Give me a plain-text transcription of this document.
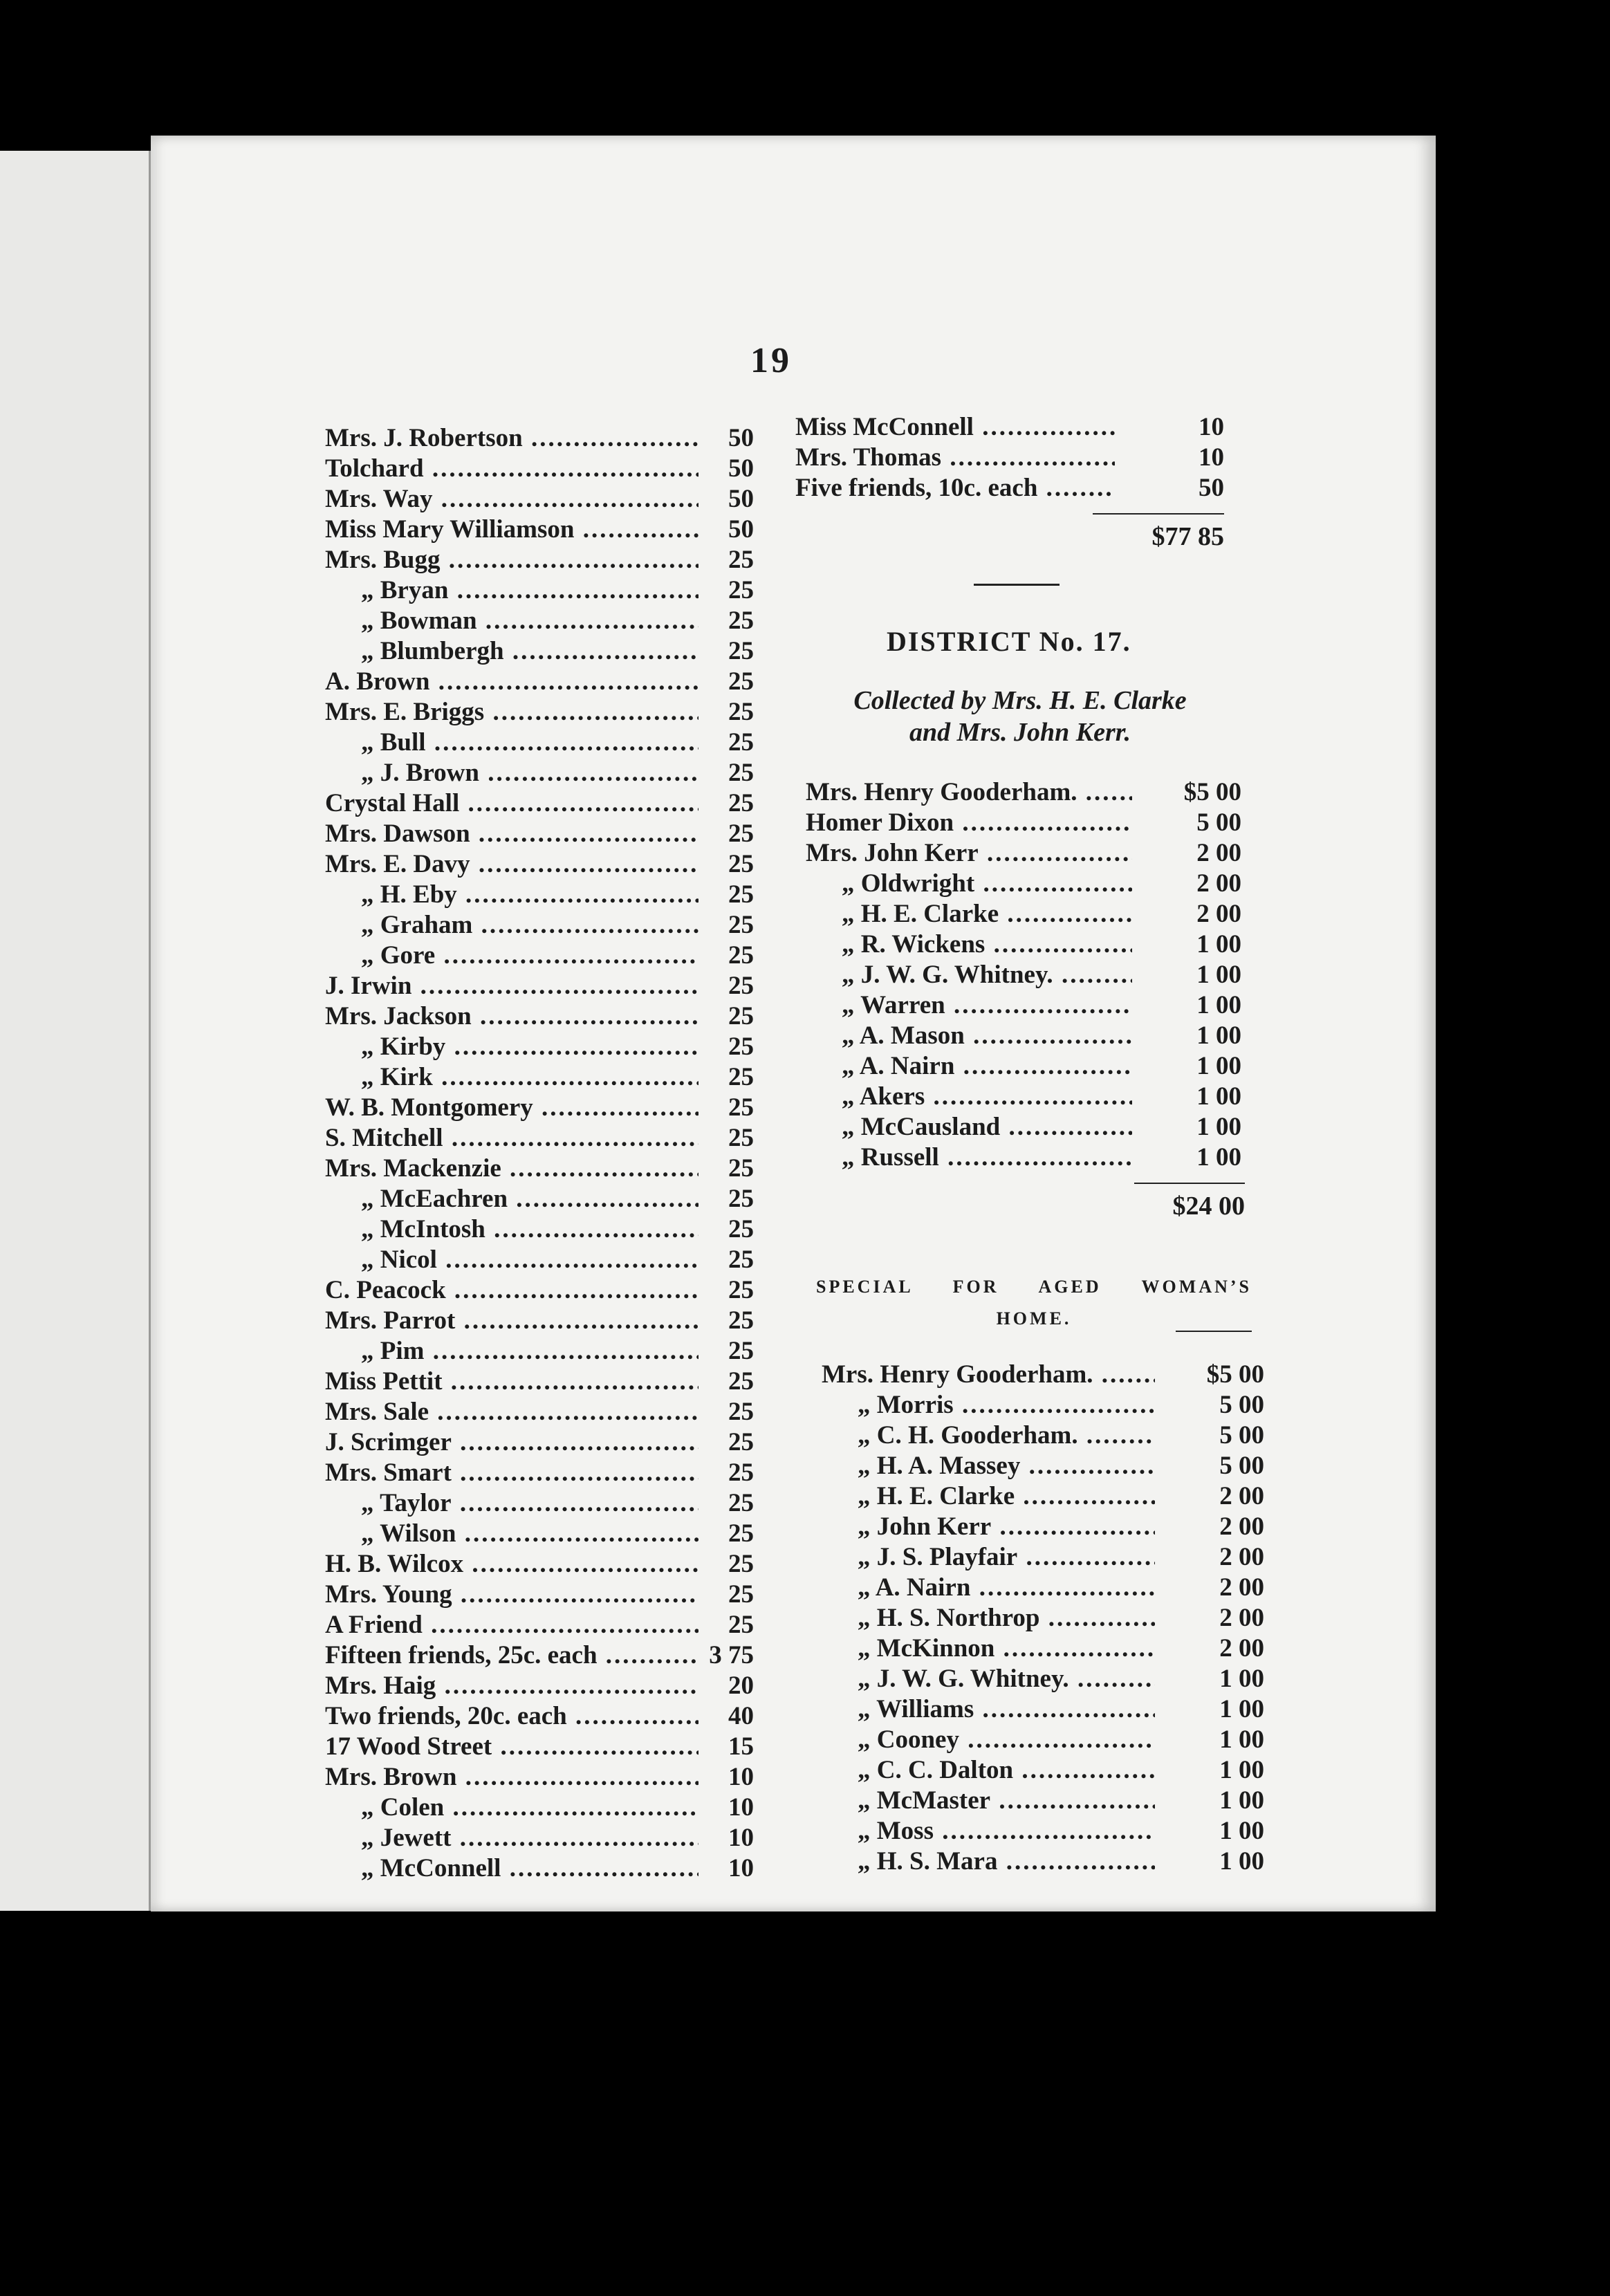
19
Mrs. J. Robertson .....	50
Tolchard .....	50
Mrs. Way .....	50
Miss Mary Williamson .....	50
Mrs. Bugg .....	25
„ Bryan .....	25
„ Bowman .....	25
„ Blumbergh .....	25
A. Brown .....	25
Mrs. E. Briggs .....	25
„ Bull .....	25
„ J. Brown .....	25
Crystal Hall .....	25
Mrs. Dawson .....	25
Mrs. E. Davy .....	25
„ H. Eby .....	25
„ Graham .....	25
„ Gore .....	25
J. Irwin .....	25
Mrs. Jackson .....	25
„ Kirby .....	25
„ Kirk .....	25
W. B. Montgomery .....	25
S. Mitchell .....	25
Mrs. Mackenzie .....	25
„ McEachren .....	25
„ McIntosh .....	25
„ Nicol .....	25
C. Peacock .....	25
Mrs. Parrot .....	25
„ Pim .....	25
Miss Pettit .....	25
Mrs. Sale .....	25
J. Scrimger .....	25
Mrs. Smart .....	25
„ Taylor .....	25
„ Wilson .....	25
H. B. Wilcox .....	25
Mrs. Young .....	25
A Friend .....	25
Fifteen friends, 25c. each .....	3 75
Mrs. Haig .....	20
Two friends, 20c. each .....	40
17 Wood Street .....	15
Mrs. Brown .....	10
„ Colen .....	10
„ Jewett .....	10
„ McConnell .....	10
Miss McConnell .....	10
Mrs. Thomas .....	10
Five friends, 10c. each .....	50
$77 85
DISTRICT No. 17.
Collected by Mrs. H. E. Clarke
and Mrs. John Kerr.
Mrs. Henry Gooderham. .....	$5 00
Homer Dixon .....	5 00
Mrs. John Kerr .....	2 00
„ Oldwright .....	2 00
„ H. E. Clarke .....	2 00
„ R. Wickens .....	1 00
„ J. W. G. Whitney. .....	1 00
„ Warren .....	1 00
„ A. Mason .....	1 00
„ A. Nairn .....	1 00
„ Akers .....	1 00
„ McCausland .....	1 00
„ Russell .....	1 00
$24 00
SPECIAL FOR AGED WOMAN’S
HOME.
Mrs. Henry Gooderham. .....	$5 00
„ Morris .....	5 00
„ C. H. Gooderham. .....	5 00
„ H. A. Massey .....	5 00
„ H. E. Clarke .....	2 00
„ John Kerr .....	2 00
„ J. S. Playfair .....	2 00
„ A. Nairn .....	2 00
„ H. S. Northrop .....	2 00
„ McKinnon .....	2 00
„ J. W. G. Whitney. .....	1 00
„ Williams .....	1 00
„ Cooney .....	1 00
„ C. C. Dalton .....	1 00
„ McMaster .....	1 00
„ Moss .....	1 00
„ H. S. Mara .....	1 00
